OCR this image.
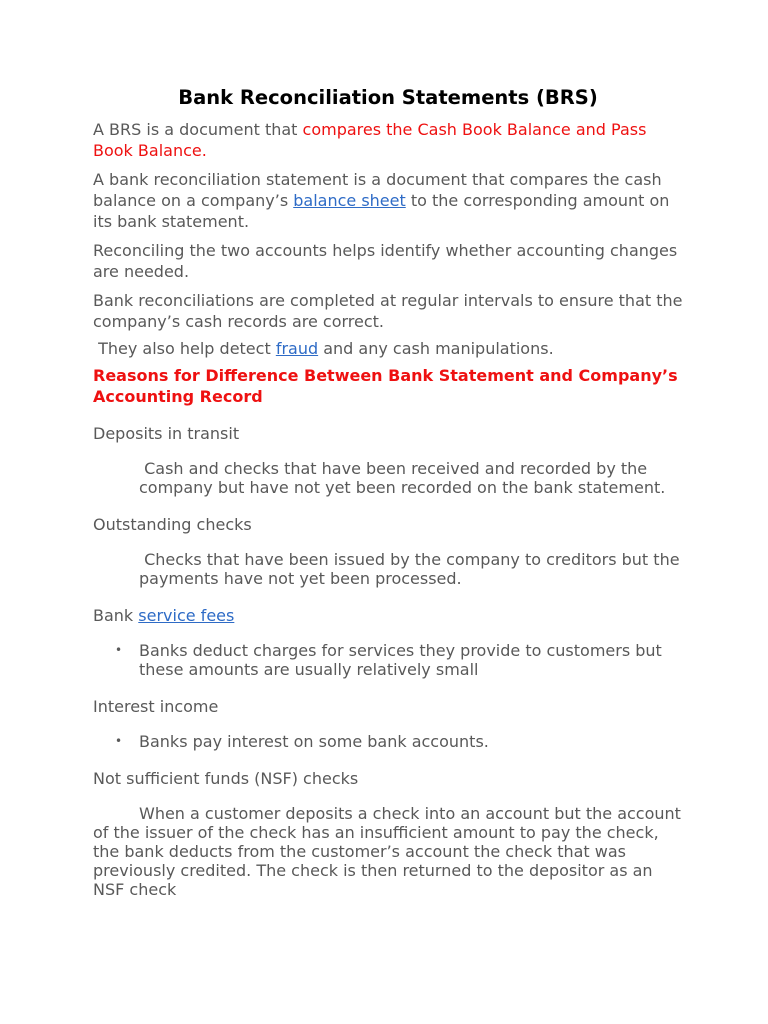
Bank Reconciliation Statements (BRS)

A BRS is a document that compares the Cash Book Balance and Pass Book Balance.

A bank reconciliation statement is a document that compares the cash balance on a company’s balance sheet to the corresponding amount on its bank statement.

Reconciling the two accounts helps identify whether accounting changes are needed.

Bank reconciliations are completed at regular intervals to ensure that the company’s cash records are correct.

They also help detect fraud and any cash manipulations.

Reasons for Difference Between Bank Statement and Company’s Accounting Record
Deposits in transit
Cash and checks that have been received and recorded by the company but have not yet been recorded on the bank statement.
Outstanding checks
Checks that have been issued by the company to creditors but the payments have not yet been processed.
Bank service fees
•	Banks deduct charges for services they provide to customers but these amounts are usually relatively small
Interest income
•	Banks pay interest on some bank accounts.
Not sufficient funds (NSF) checks
When a customer deposits a check into an account but the account of the issuer of the check has an insufficient amount to pay the check, the bank deducts from the customer’s account the check that was previously credited. The check is then returned to the depositor as an NSF check
